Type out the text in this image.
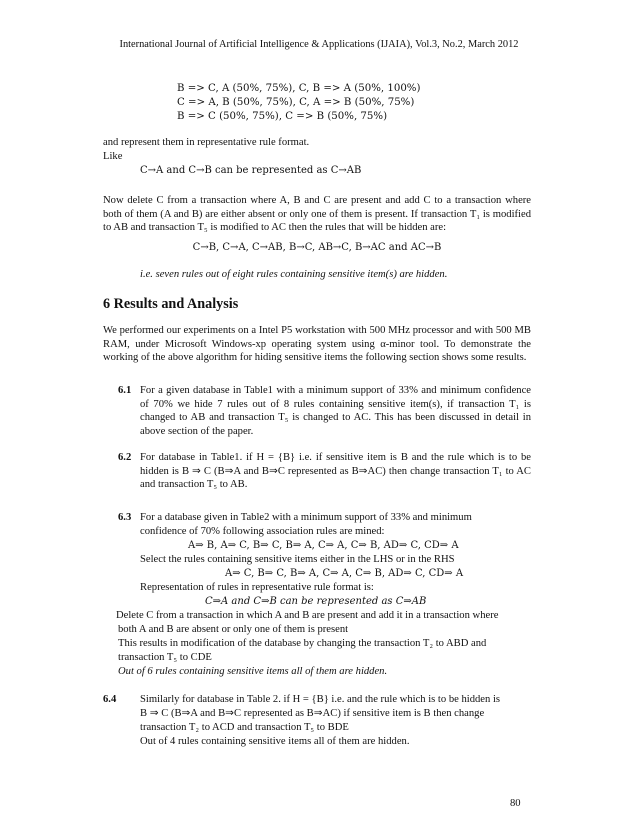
International Journal of Artificial Intelligence & Applications (IJAIA), Vol.3, No.2, March 2012
B => C, A (50%, 75%), C, B => A (50%, 100%)
C => A, B (50%, 75%), C, A => B (50%, 75%)
B => C (50%, 75%), C => B (50%, 75%)
and represent them in representative rule format.
Like
C→A and C→B can be represented as C→AB
Now delete C from a transaction where A, B and C are present and add C to a transaction where both of them (A and B) are either absent or only one of them is present. If transaction T₁ is modified to AB and transaction T₅ is modified to AC then the rules that will be hidden are:
C→B, C→A, C→AB, B→C, AB→C, B→AC and AC→B
i.e. seven rules out of eight rules containing sensitive item(s) are hidden.
6 Results and Analysis
We performed our experiments on a Intel P5 workstation with 500 MHz processor and with 500 MB RAM, under Microsoft Windows-xp operating system using α-minor tool. To demonstrate the working of the above algorithm for hiding sensitive items the following section shows some results.
6.1 For a given database in Table1 with a minimum support of 33% and minimum confidence of 70% we hide 7 rules out of 8 rules containing sensitive item(s), if transaction T₁ is changed to AB and transaction T₅ is changed to AC. This has been discussed in detail in above section of the paper.
6.2 For database in Table1. if H = {B} i.e. if sensitive item is B and the rule which is to be hidden is B ⇒ C (B⇒A and B⇒C represented as B⇒AC) then change transaction T₁ to AC and transaction T₅ to AB.
6.3 For a database given in Table2 with a minimum support of 33% and minimum
confidence of 70% following association rules are mined:
A⇒ B, A⇒ C, B⇒ C, B⇒ A, C⇒ A, C⇒ B, AD⇒ C, CD⇒ A
Select the rules containing sensitive items either in the LHS or in the RHS
A⇒ C, B⇒ C, B⇒ A, C⇒ A, C⇒ B, AD⇒ C, CD⇒ A
Representation of rules in representative rule format is:
C⇒A and C⇒B can be represented as C⇒AB
Delete C from a transaction in which A and B are present and add it in a transaction where
both A and B are absent or only one of them is present
This results in modification of the database by changing the transaction T₂ to ABD and
transaction T₅ to CDE
Out of 6 rules containing sensitive items all of them are hidden.
6.4 Similarly for database in Table 2. if H = {B} i.e. and the rule which is to be hidden is
B ⇒ C (B⇒A and B⇒C represented as B⇒AC) if sensitive item is B then change
transaction T₂ to ACD and transaction T₅ to BDE
Out of 4 rules containing sensitive items all of them are hidden.
80
